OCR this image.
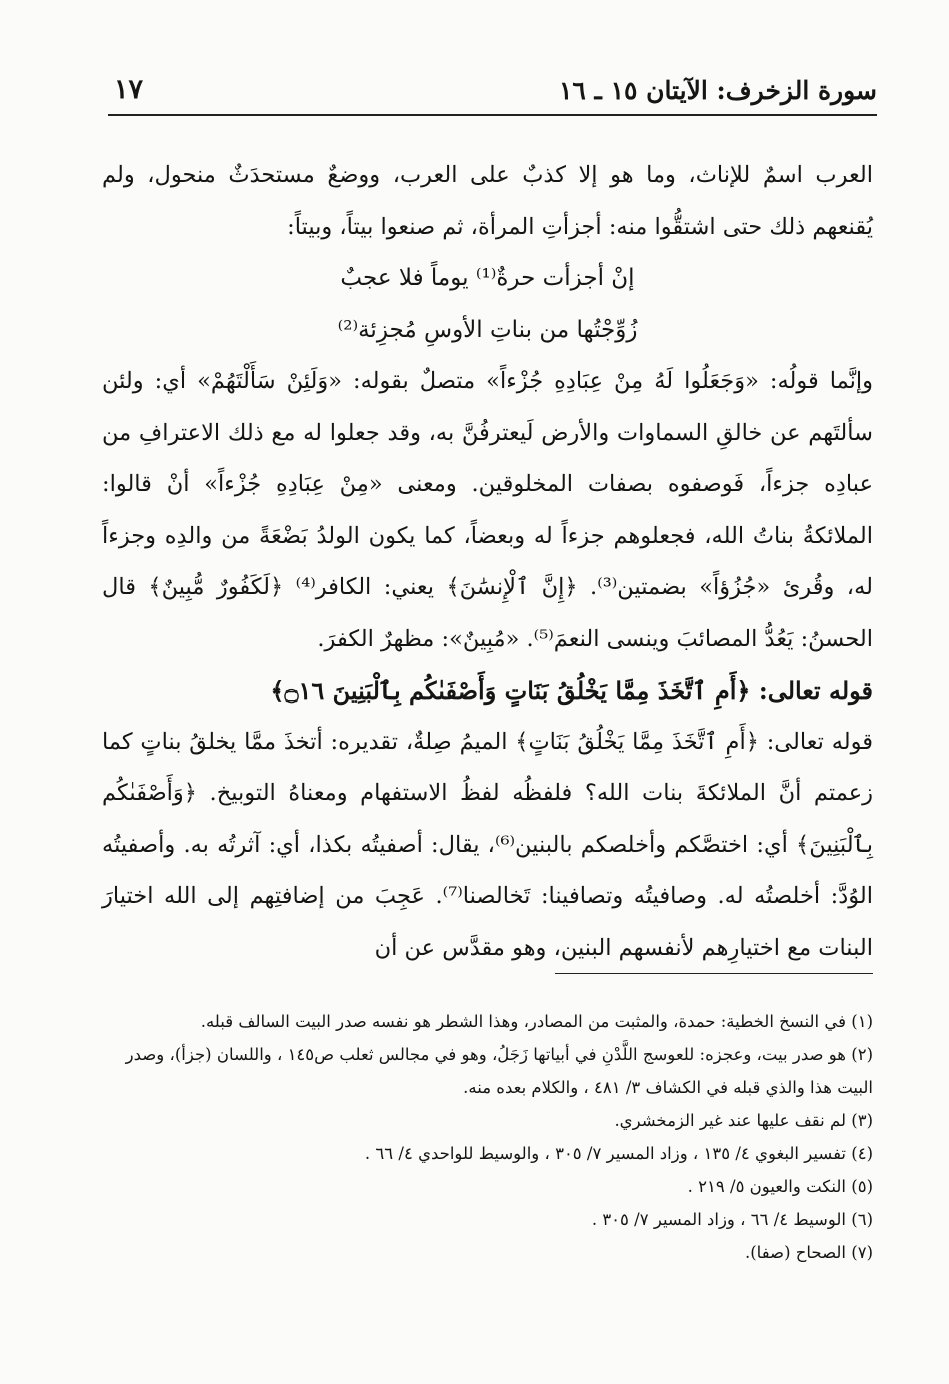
سورة الزخرف: الآيتان ١٥ ـ ١٦
١٧

العرب اسمٌ للإناث، وما هو إلا كذبٌ على العرب، ووضعٌ مستحدَثٌ منحول، ولم يُقنعهم ذلك حتى اشتقُّوا منه: أجزأتِ المرأة، ثم صنعوا بيتاً، وبيتاً:

إنْ أجزأت حرةٌ⁽¹⁾ يوماً فلا عجبٌ
زُوِّجْتُها من بناتِ الأوسِ مُجزِئة⁽²⁾

وإنَّما قولُه: «وَجَعَلُوا لَهُ مِنْ عِبَادِهِ جُزْءاً» متصلٌ بقوله: «وَلَئِنْ سَأَلْتَهُمْ» أي: ولئن سألتَهم عن خالقِ السماوات والأرض لَيعترفُنَّ به، وقد جعلوا له مع ذلك الاعترافِ من عبادِه جزءاً، فَوصفوه بصفات المخلوقين. ومعنى «مِنْ عِبَادِهِ جُزْءاً» أنْ قالوا: الملائكةُ بناتُ الله، فجعلوهم جزءاً له وبعضاً، كما يكون الولدُ بَضْعَةً من والدِه وجزءاً له، وقُرئ «جُزُؤاً» بضمتين⁽³⁾. ﴿إِنَّ ٱلْإِنسَٰنَ﴾ يعني: الكافر⁽⁴⁾ ﴿لَكَفُورٌ مُّبِينٌ﴾ قال الحسنُ: يَعُدُّ المصائبَ وينسى النعمَ⁽⁵⁾. «مُبِينٌ»: مظهرٌ الكفرَ.

قوله تعالى: ﴿أَمِ ٱتَّخَذَ مِمَّا يَخْلُقُ بَنَاتٍ وَأَصْفَىٰكُم بِٱلْبَنِينَ ۝١٦﴾

قوله تعالى: ﴿أَمِ ٱتَّخَذَ مِمَّا يَخْلُقُ بَنَاتٍ﴾ الميمُ صِلةٌ، تقديره: أتخذَ ممَّا يخلقُ بناتٍ كما زعمتم أنَّ الملائكةَ بنات الله؟ فلفظُه لفظُ الاستفهام ومعناهُ التوبيخ. ﴿وَأَصْفَىٰكُم بِٱلْبَنِينَ﴾ أي: اختصَّكم وأخلصكم بالبنين⁽⁶⁾، يقال: أصفيتُه بكذا، أي: آثرتُه به. وأصفيتُه الوُدَّ: أخلصتُه له. وصافيتُه وتصافينا: تَخالصنا⁽⁷⁾. عَجِبَ من إضافتِهم إلى الله اختيارَ البنات مع اختيارِهم لأنفسهم البنين، وهو مقدَّس عن أن

(١) في النسخ الخطية: حمدة، والمثبت من المصادر، وهذا الشطر هو نفسه صدر البيت السالف قبله.

(٢) هو صدر بيت، وعجزه: للعوسج اللَّدْنِ في أبياتها زَجَلُ، وهو في مجالس ثعلب ص١٤٥ ، واللسان (جزأ)، وصدر البيت هذا والذي قبله في الكشاف ٣/ ٤٨١ ، والكلام بعده منه.

(٣) لم نقف عليها عند غير الزمخشري.

(٤) تفسير البغوي ٤/ ١٣٥ ، وزاد المسير ٧/ ٣٠٥ ، والوسيط للواحدي ٤/ ٦٦ .

(٥) النكت والعيون ٥/ ٢١٩ .

(٦) الوسيط ٤/ ٦٦ ، وزاد المسير ٧/ ٣٠٥ .

(٧) الصحاح (صفا).
